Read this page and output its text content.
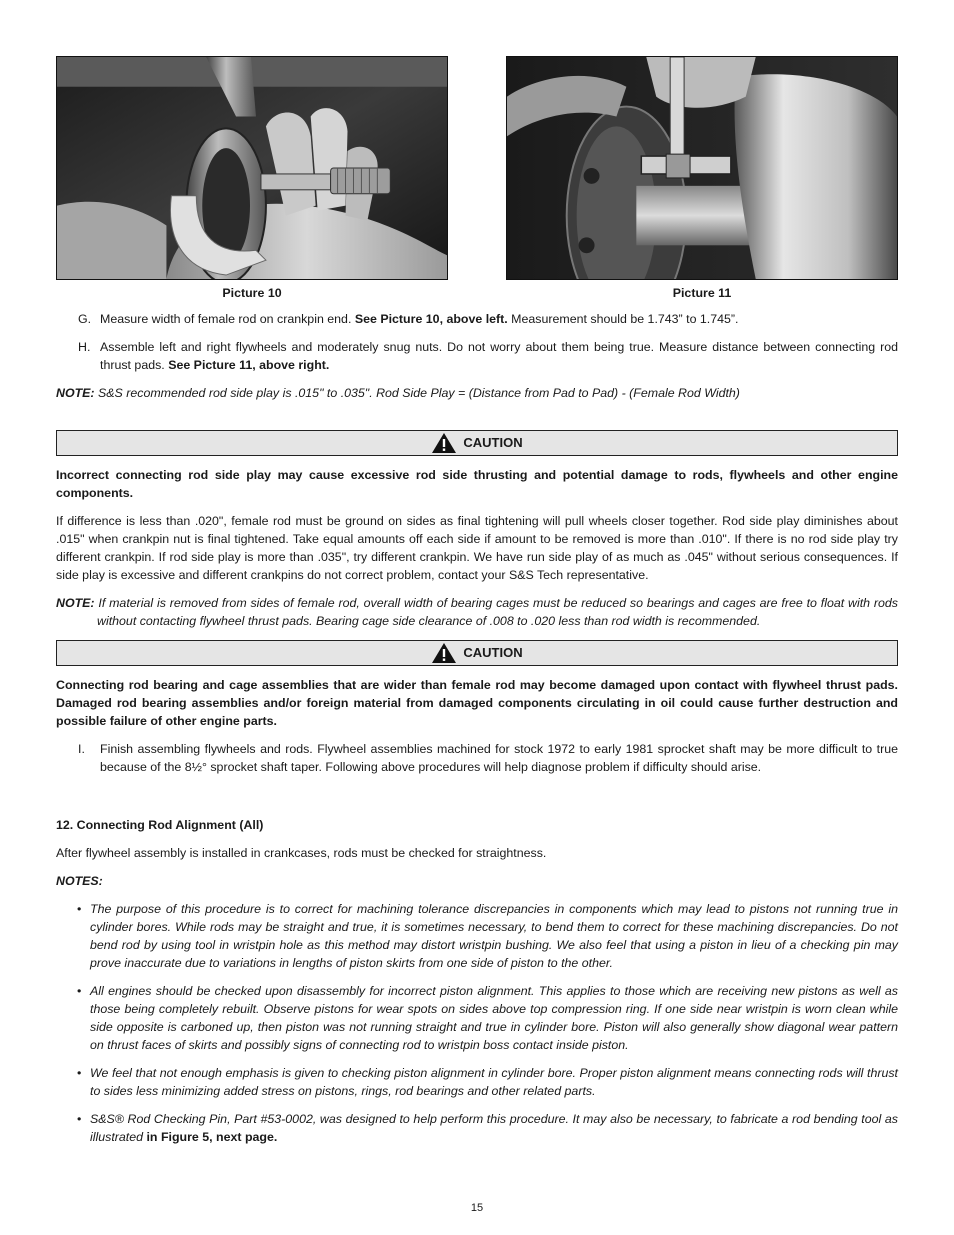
Picture 10	Picture 11
G. Measure width of female rod on crankpin end. See Picture 10, above left. Measurement should be 1.743” to 1.745”.
H. Assemble left and right flywheels and moderately snug nuts. Do not worry about them being true. Measure distance between connecting rod thrust pads. See Picture 11, above right.

NOTE: S&S recommended rod side play is .015" to .035". Rod Side Play = (Distance from Pad to Pad) - (Female Rod Width)

CAUTION

Incorrect connecting rod side play may cause excessive rod side thrusting and potential damage to rods, flywheels and other engine components.

If difference is less than .020", female rod must be ground on sides as final tightening will pull wheels closer together. Rod side play diminishes about .015" when crankpin nut is final tightened. Take equal amounts off each side if amount to be removed is more than .010". If there is no rod side play try different crankpin. If rod side play is more than .035", try different crankpin. We have run side play of as much as .045" without serious consequences. If side play is excessive and different crankpins do not correct problem, contact your S&S Tech representative.

NOTE: If material is removed from sides of female rod, overall width of bearing cages must be reduced so bearings and cages are free to float with rods without contacting flywheel thrust pads. Bearing cage side clearance of .008 to .020 less than rod width is recommended.

CAUTION

Connecting rod bearing and cage assemblies that are wider than female rod may become damaged upon contact with flywheel thrust pads. Damaged rod bearing assemblies and/or foreign material from damaged components circulating in oil could cause further destruction and possible failure of other engine parts.

I. Finish assembling flywheels and rods. Flywheel assemblies machined for stock 1972 to early 1981 sprocket shaft may be more difficult to true because of the 8½° sprocket shaft taper. Following above procedures will help diagnose problem if difficulty should arise.

12. Connecting Rod Alignment (All)

After flywheel assembly is installed in crankcases, rods must be checked for straightness.

NOTES:

• The purpose of this procedure is to correct for machining tolerance discrepancies in components which may lead to pistons not running true in cylinder bores. While rods may be straight and true, it is sometimes necessary, to bend them to correct for these machining discrepancies. Do not bend rod by using tool in wristpin hole as this method may distort wristpin bushing. We also feel that using a piston in lieu of a checking pin may prove inaccurate due to variations in lengths of piston skirts from one side of piston to the other.
• All engines should be checked upon disassembly for incorrect piston alignment. This applies to those which are receiving new pistons as well as those being completely rebuilt. Observe pistons for wear spots on sides above top compression ring. If one side near wristpin is worn clean while side opposite is carboned up, then piston was not running straight and true in cylinder bore. Piston will also generally show diagonal wear pattern on thrust faces of skirts and possibly signs of connecting rod to wristpin boss contact inside piston.
• We feel that not enough emphasis is given to checking piston alignment in cylinder bore. Proper piston alignment means connecting rods will thrust to sides less minimizing added stress on pistons, rings, rod bearings and other related parts.
• S&S® Rod Checking Pin, Part #53-0002, was designed to help perform this procedure. It may also be necessary, to fabricate a rod bending tool as illustrated in Figure 5, next page.
15
